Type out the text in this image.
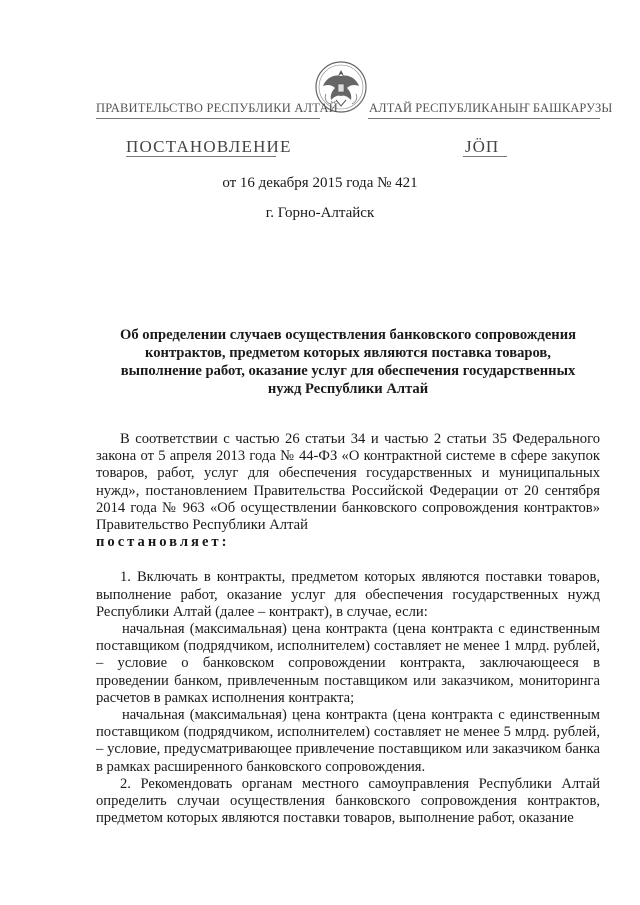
ПРАВИТЕЛЬСТВО РЕСПУБЛИКИ АЛТАЙ АЛТАЙ РЕСПУБЛИКАНЫҤ БАШКАРУЗЫ
ПОСТАНОВЛЕНИЕ	ЈӦП
от 16 декабря 2015 года № 421
г. Горно-Алтайск
Об определении случаев осуществления банковского сопровождения
контрактов, предметом которых являются поставка товаров,
выполнение работ, оказание услуг для обеспечения государственных
нужд Республики Алтай

В соответствии с частью 26 статьи 34 и частью 2 статьи 35 Федерального закона от 5 апреля 2013 года № 44-ФЗ «О контрактной системе в сфере закупок товаров, работ, услуг для обеспечения государственных и муниципальных нужд», постановлением Правительства Российской Федерации от 20 сентября 2014 года № 963 «Об осуществлении банковского сопровождения контрактов» Правительство Республики Алтай

постановляет:

1. Включать в контракты, предметом которых являются поставки товаров, выполнение работ, оказание услуг для обеспечения государственных нужд Республики Алтай (далее – контракт), в случае, если:

начальная (максимальная) цена контракта (цена контракта с единственным поставщиком (подрядчиком, исполнителем) составляет не менее 1 млрд. рублей, – условие о банковском сопровождении контракта, заключающееся в проведении банком, привлеченным поставщиком или заказчиком, мониторинга расчетов в рамках исполнения контракта;

начальная (максимальная) цена контракта (цена контракта с единственным поставщиком (подрядчиком, исполнителем) составляет не менее 5 млрд. рублей, – условие, предусматривающее привлечение поставщиком или заказчиком банка в рамках расширенного банковского сопровождения.

2. Рекомендовать органам местного самоуправления Республики Алтай определить случаи осуществления банковского сопровождения контрактов, предметом которых являются поставки товаров, выполнение работ, оказание
